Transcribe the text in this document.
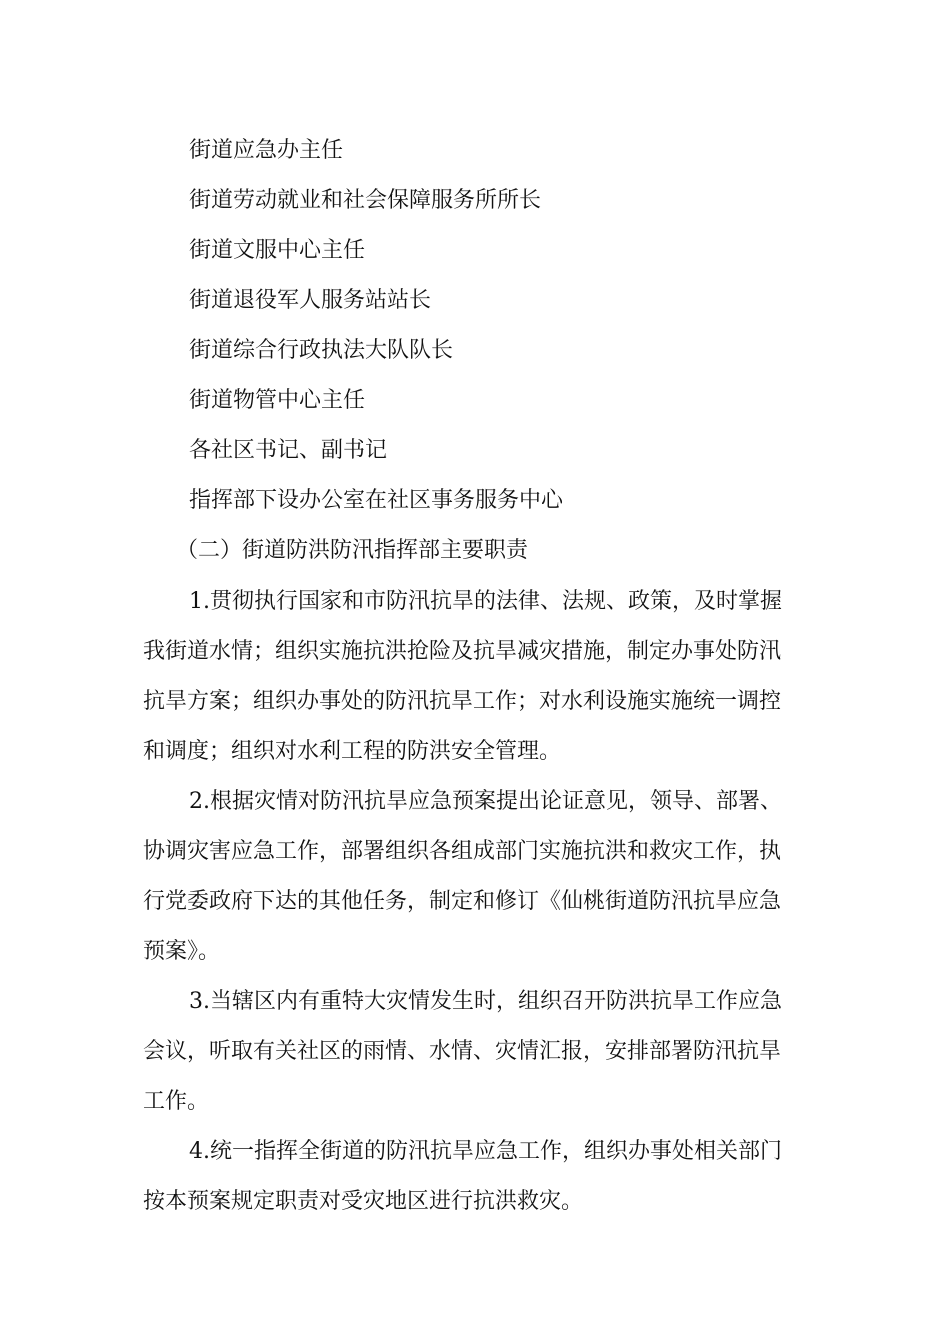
街道应急办主任
街道劳动就业和社会保障服务所所长
街道文服中心主任
街道退役军人服务站站长
街道综合行政执法大队队长
街道物管中心主任
各社区书记、副书记
指挥部下设办公室在社区事务服务中心
（二）街道防洪防汛指挥部主要职责
1.贯彻执行国家和市防汛抗旱的法律、法规、政策，及时掌握
我街道水情；组织实施抗洪抢险及抗旱减灾措施，制定办事处防汛
抗旱方案；组织办事处的防汛抗旱工作；对水利设施实施统一调控
和调度；组织对水利工程的防洪安全管理。
2.根据灾情对防汛抗旱应急预案提出论证意见，领导、部署、
协调灾害应急工作，部署组织各组成部门实施抗洪和救灾工作，执
行党委政府下达的其他任务，制定和修订《仙桃街道防汛抗旱应急
预案》。
3.当辖区内有重特大灾情发生时，组织召开防洪抗旱工作应急
会议，听取有关社区的雨情、水情、灾情汇报，安排部署防汛抗旱
工作。
4.统一指挥全街道的防汛抗旱应急工作，组织办事处相关部门
按本预案规定职责对受灾地区进行抗洪救灾。
